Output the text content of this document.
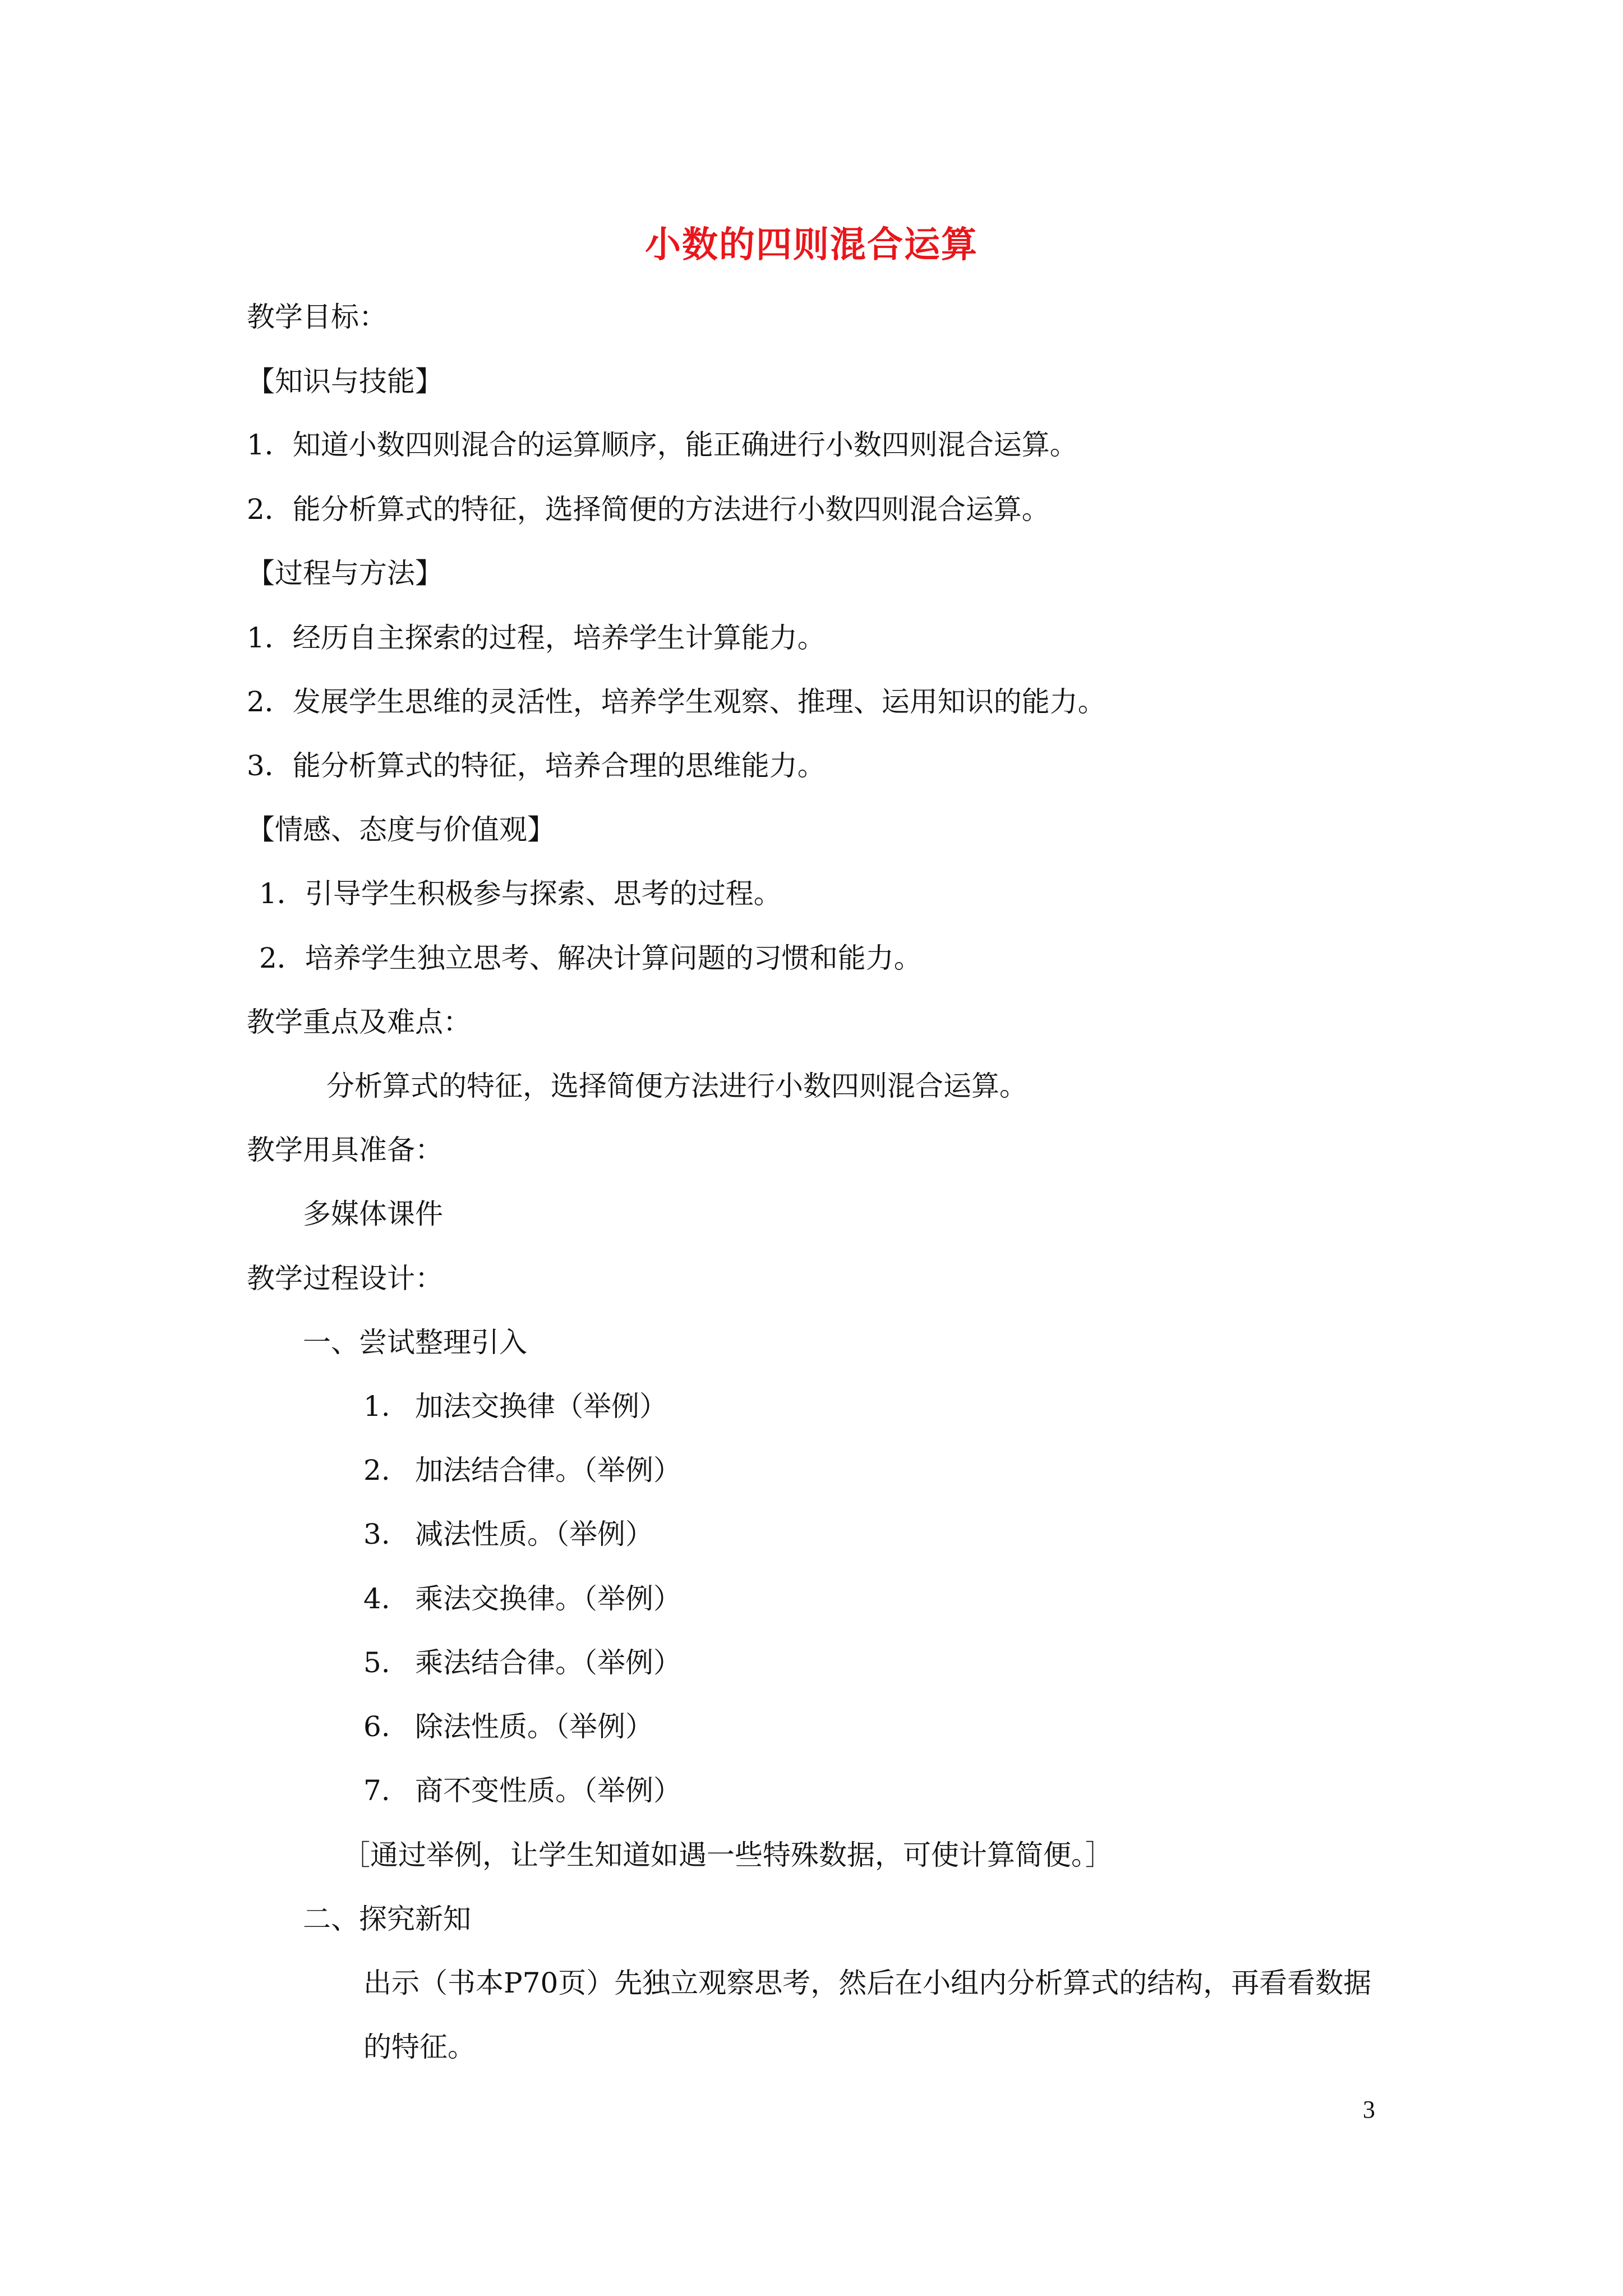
小数的四则混合运算
教学目标：
【知识与技能】
1．知道小数四则混合的运算顺序，能正确进行小数四则混合运算。
2．能分析算式的特征，选择简便的方法进行小数四则混合运算。
【过程与方法】
1．经历自主探索的过程，培养学生计算能力。
2．发展学生思维的灵活性，培养学生观察、推理、运用知识的能力。
3．能分析算式的特征，培养合理的思维能力。
【情感、态度与价值观】
1．引导学生积极参与探索、思考的过程。
2．培养学生独立思考、解决计算问题的习惯和能力。
教学重点及难点：
分析算式的特征，选择简便方法进行小数四则混合运算。
教学用具准备：
多媒体课件
教学过程设计：
一、尝试整理引入
1. 加法交换律（举例）
2. 加法结合律。（举例）
3. 减法性质。（举例）
4. 乘法交换律。（举例）
5. 乘法结合律。（举例）
6. 除法性质。（举例）
7. 商不变性质。（举例）
［通过举例，让学生知道如遇一些特殊数据，可使计算简便。］
二、探究新知
出示（书本P70页）先独立观察思考，然后在小组内分析算式的结构，再看看数据
的特征。
3
